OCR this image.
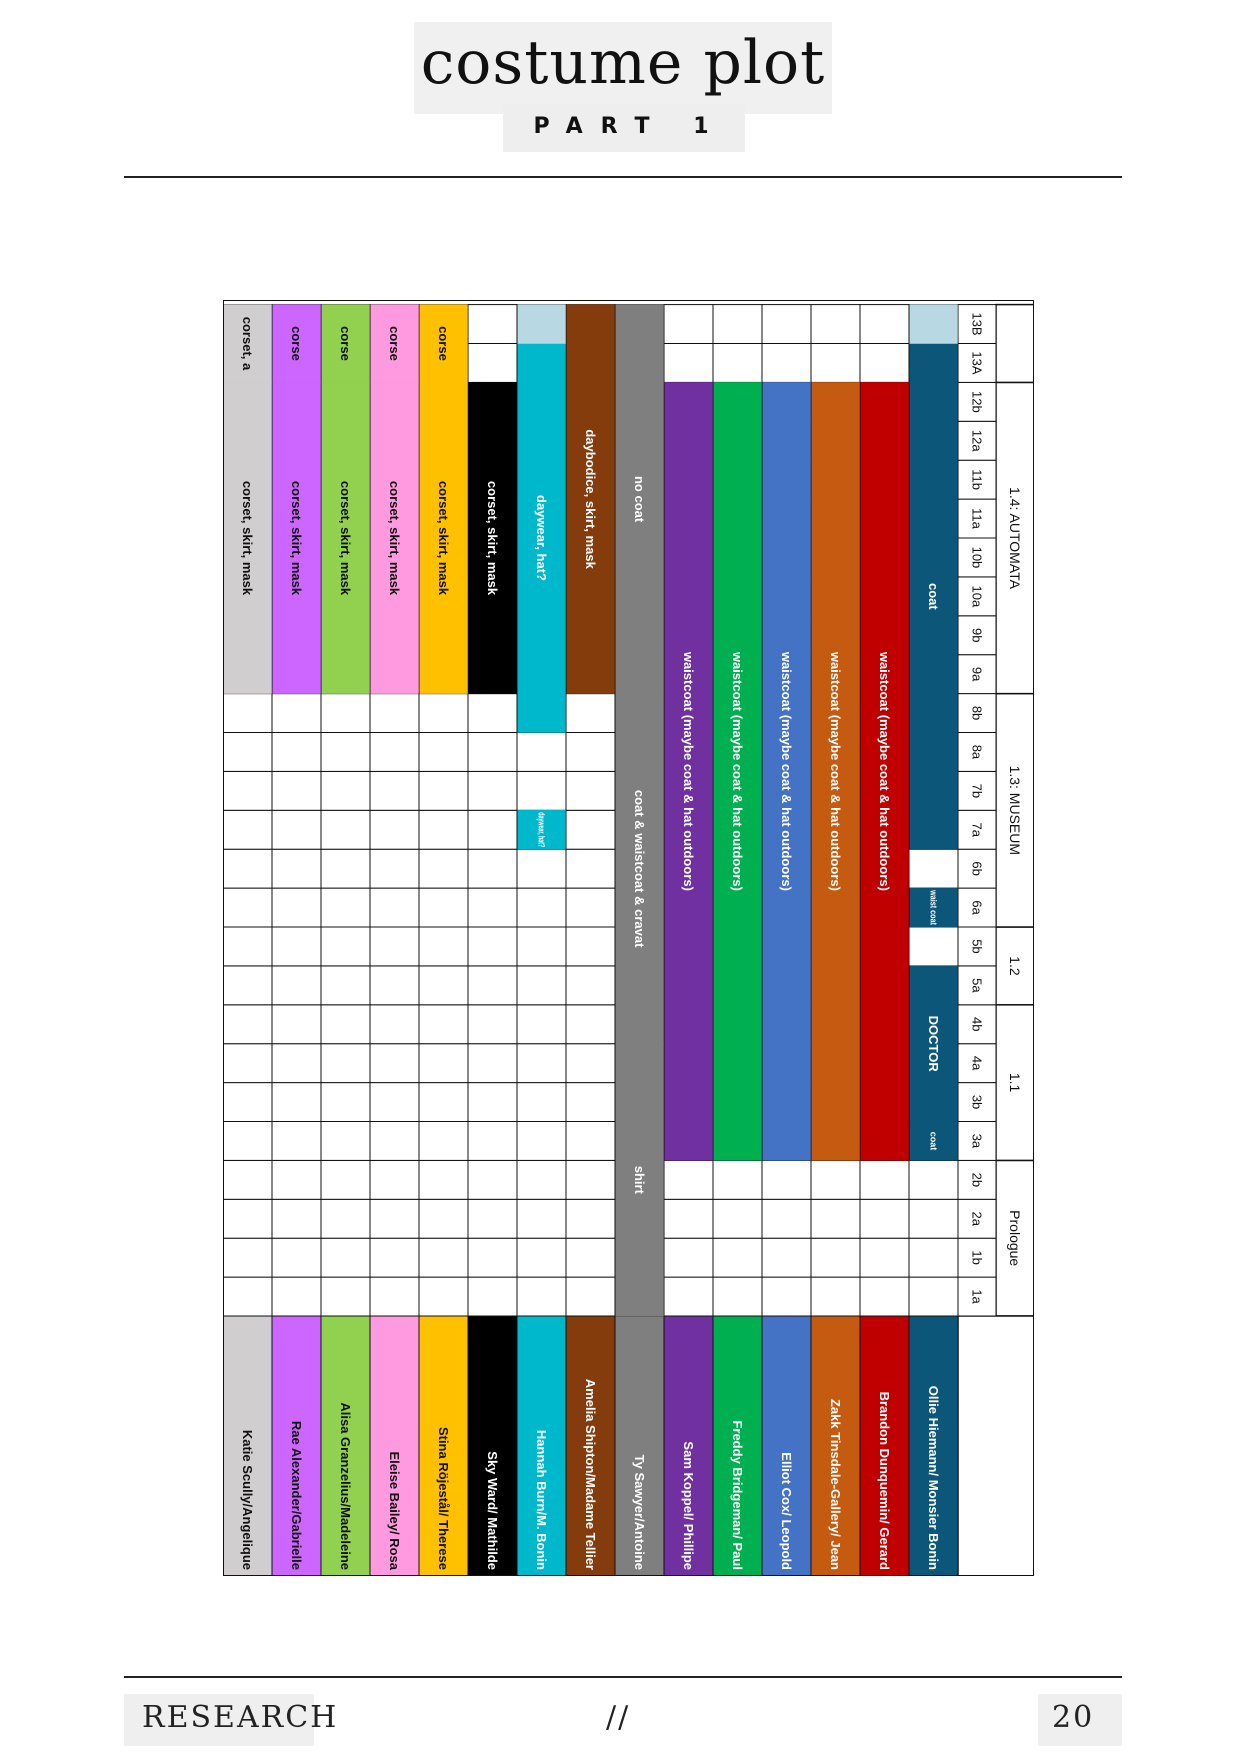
costume plot
PART 1
Prologue
1.1
1.2
1.3: MUSEUM
1.4: AUTOMATA
1a
1b
2a
2b
3a
3b
4a
4b
5a
5b
6a
6b
7a
7b
8a
8b
9a
9b
10a
10b
11a
11b
12a
12b
13A
13B
Ollie Hiemann/ Monsier Bonin
coat
DOCTOR
waist coat
coat
Brandon Dunquemin/ Gerard
waistcoat (maybe coat & hat outdoors)
Zakk Tinsdale-Gallery/ Jean
waistcoat (maybe coat & hat outdoors)
Elliot Cox/ Leopold
waistcoat (maybe coat & hat outdoors)
Freddy Bridgeman/ Paul
waistcoat (maybe coat & hat outdoors)
Sam Koppel/ Phillipe
waistcoat (maybe coat & hat outdoors)
Ty Sawyer/Antoine
shirt
coat & waistcoat & cravat
no coat
Amelia Shipton/Madame Tellier
daybodice, skirt, mask
Hannah Burn/M. Bonin
daywear, hat?
daywear, hat?
Sky Ward/ Mathilde
corset, skirt, mask
Stina Röjestål/ Therese
corset, skirt, mask
corse
Eleise Bailey/ Rosa
corset, skirt, mask
corse
Alisa Granzelius/Madeleine
corset, skirt, mask
corse
Rae Alexander/Gabrielle
corset, skirt, mask
corse
Katie Scully/Angelique
corset, skirt, mask
corset, a
RESEARCH	//	20
